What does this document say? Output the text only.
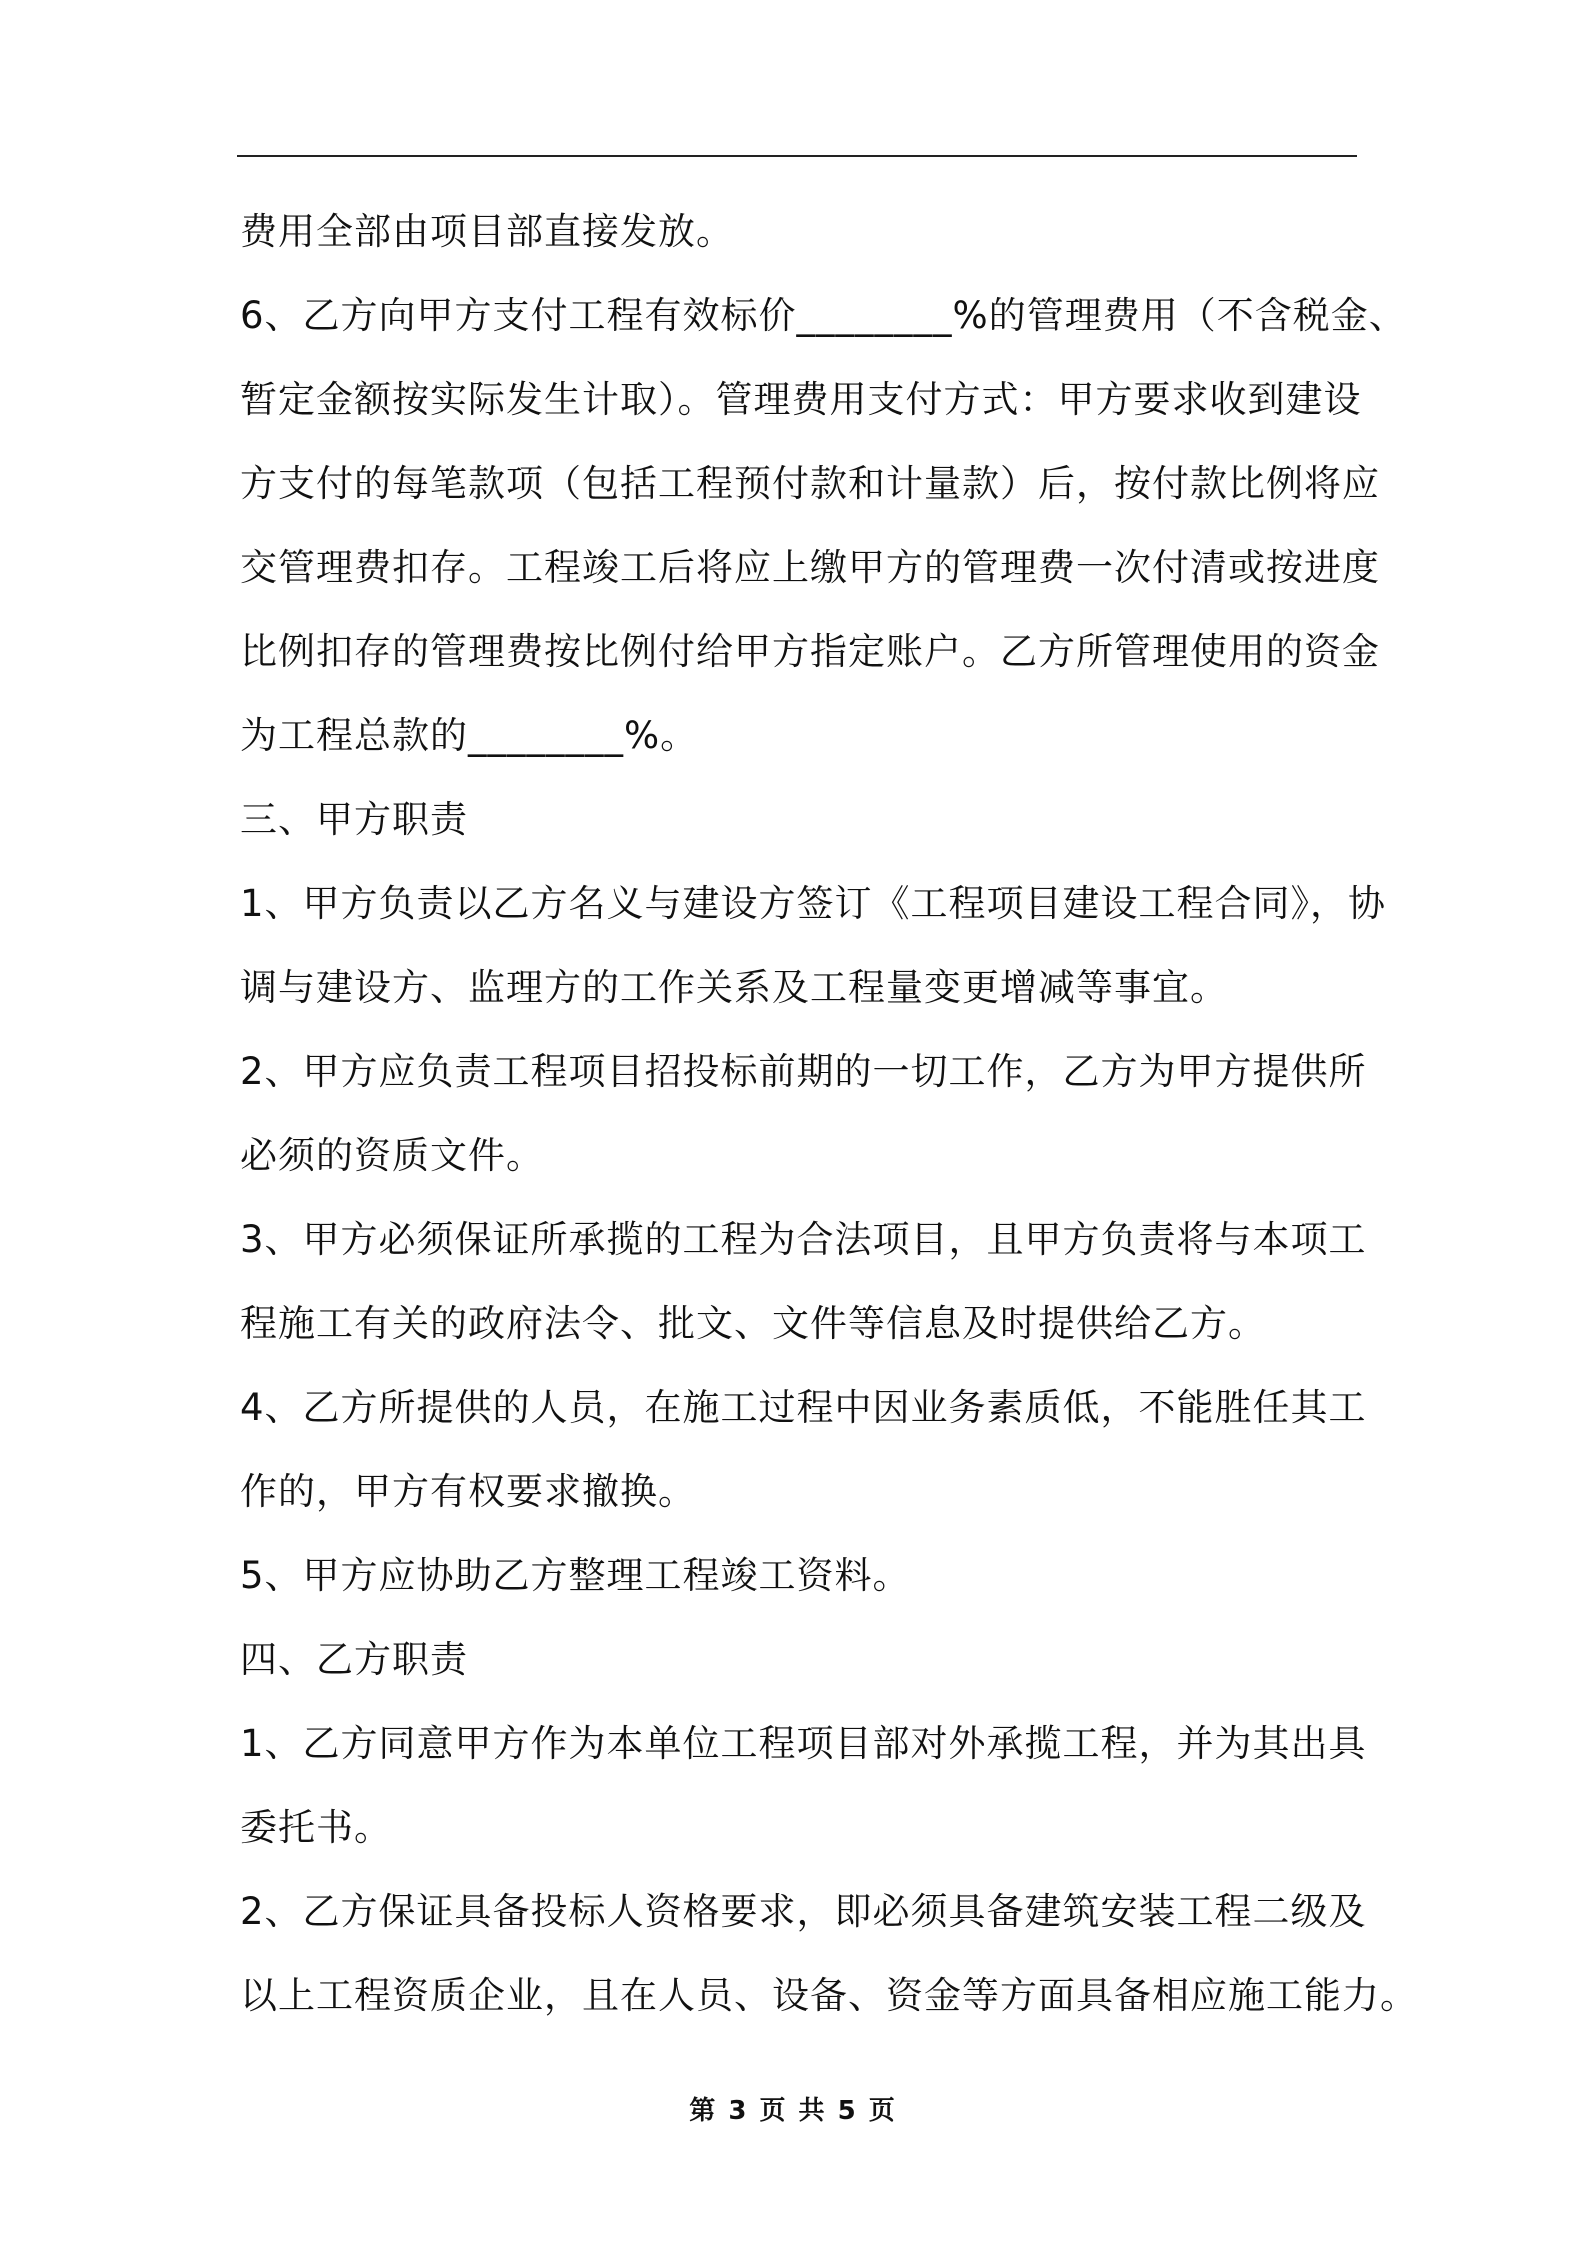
费用全部由项目部直接发放。
6、乙方向甲方支付工程有效标价________%的管理费用（不含税金、
暂定金额按实际发生计取）。管理费用支付方式：甲方要求收到建设
方支付的每笔款项（包括工程预付款和计量款）后，按付款比例将应
交管理费扣存。工程竣工后将应上缴甲方的管理费一次付清或按进度
比例扣存的管理费按比例付给甲方指定账户。乙方所管理使用的资金
为工程总款的________%。
三、甲方职责
1、甲方负责以乙方名义与建设方签订《工程项目建设工程合同》，协
调与建设方、监理方的工作关系及工程量变更增减等事宜。
2、甲方应负责工程项目招投标前期的一切工作，乙方为甲方提供所
必须的资质文件。
3、甲方必须保证所承揽的工程为合法项目，且甲方负责将与本项工
程施工有关的政府法令、批文、文件等信息及时提供给乙方。
4、乙方所提供的人员，在施工过程中因业务素质低，不能胜任其工
作的，甲方有权要求撤换。
5、甲方应协助乙方整理工程竣工资料。
四、乙方职责
1、乙方同意甲方作为本单位工程项目部对外承揽工程，并为其出具
委托书。
2、乙方保证具备投标人资格要求，即必须具备建筑安装工程二级及
以上工程资质企业，且在人员、设备、资金等方面具备相应施工能力。
第 3 页 共 5 页
